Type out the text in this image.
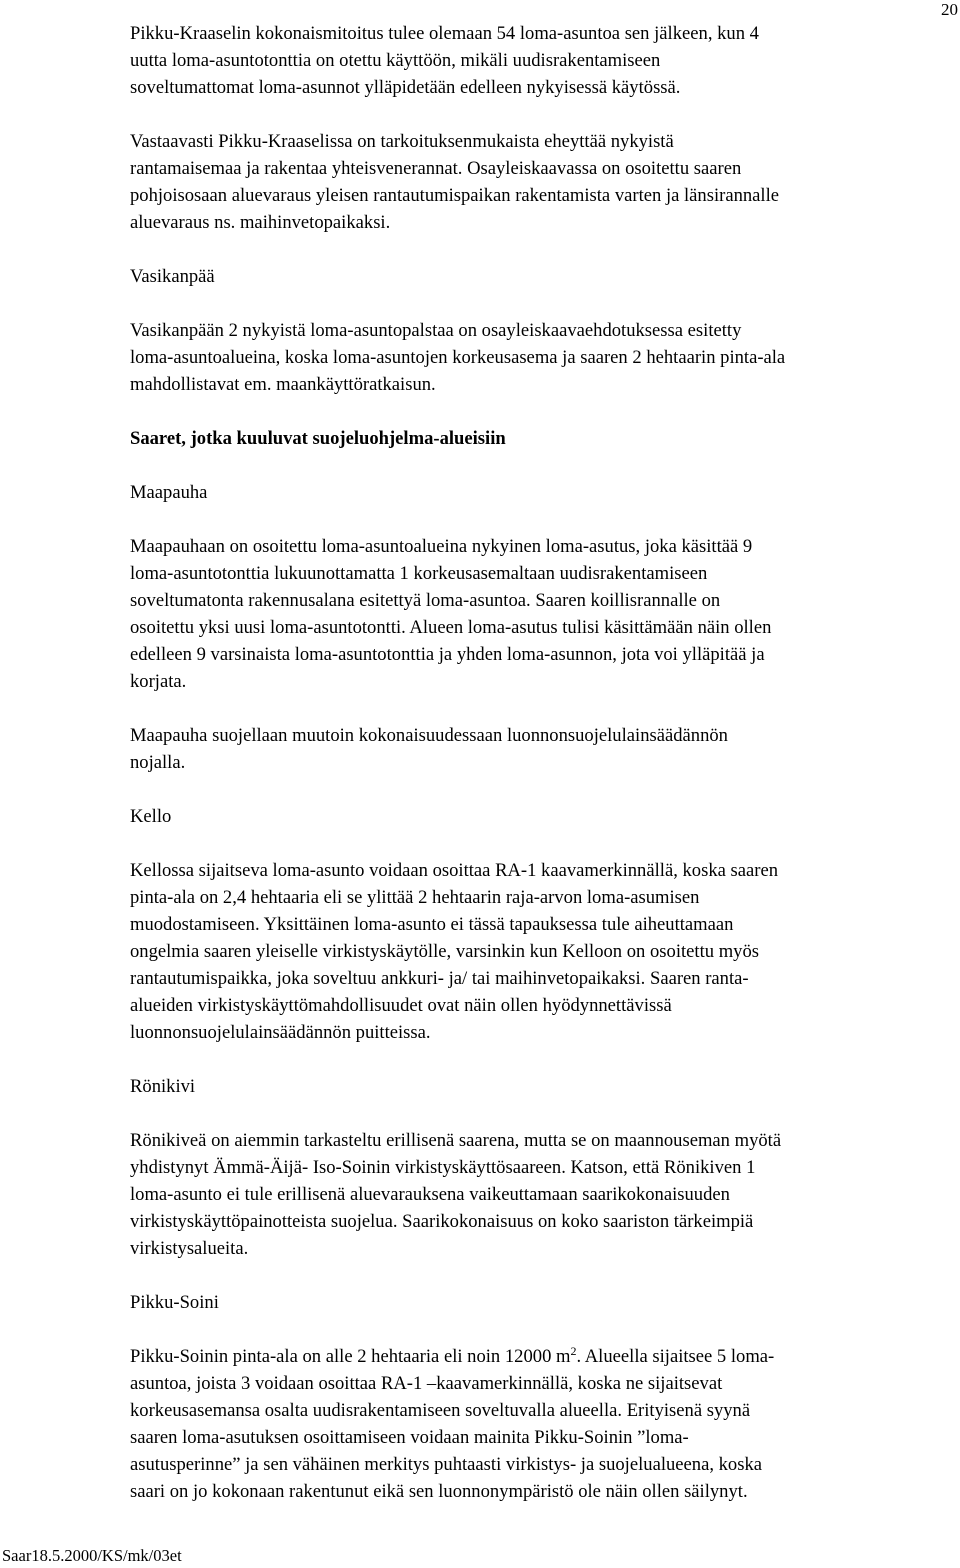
20

Pikku-Kraaselin kokonaismitoitus tulee olemaan 54 loma-asuntoa sen jälkeen, kun 4
uutta loma-asuntotonttia on otettu käyttöön, mikäli uudisrakentamiseen
soveltumattomat loma-asunnot ylläpidetään edelleen nykyisessä käytössä.

Vastaavasti Pikku-Kraaselissa on tarkoituksenmukaista eheyttää nykyistä
rantamaisemaa ja rakentaa yhteisvenerannat. Osayleiskaavassa on osoitettu saaren
pohjoisosaan aluevaraus yleisen rantautumispaikan rakentamista varten ja länsirannalle
aluevaraus ns. maihinvetopaikaksi.

Vasikanpää

Vasikanpään 2 nykyistä loma-asuntopalstaa on osayleiskaavaehdotuksessa esitetty
loma-asuntoalueina, koska loma-asuntojen korkeusasema ja saaren 2 hehtaarin pinta-ala
mahdollistavat em. maankäyttöratkaisun.

Saaret, jotka kuuluvat suojeluohjelma-alueisiin

Maapauha

Maapauhaan on osoitettu loma-asuntoalueina nykyinen loma-asutus, joka käsittää 9
loma-asuntotonttia lukuunottamatta 1 korkeusasemaltaan uudisrakentamiseen
soveltumatonta rakennusalana esitettyä loma-asuntoa. Saaren koillisrannalle on
osoitettu yksi uusi loma-asuntotontti. Alueen loma-asutus tulisi käsittämään näin ollen
edelleen 9 varsinaista loma-asuntotonttia ja yhden loma-asunnon, jota voi ylläpitää ja
korjata.

Maapauha suojellaan muutoin kokonaisuudessaan luonnonsuojelulainsäädännön
nojalla.

Kello

Kellossa sijaitseva loma-asunto voidaan osoittaa RA-1 kaavamerkinnällä, koska saaren
pinta-ala on 2,4 hehtaaria eli se ylittää 2 hehtaarin raja-arvon loma-asumisen
muodostamiseen. Yksittäinen loma-asunto ei tässä tapauksessa tule aiheuttamaan
ongelmia saaren yleiselle virkistyskäytölle, varsinkin kun Kelloon on osoitettu myös
rantautumispaikka, joka soveltuu ankkuri- ja/ tai maihinvetopaikaksi. Saaren ranta-
alueiden virkistyskäyttömahdollisuudet ovat näin ollen hyödynnettävissä
luonnonsuojelulainsäädännön puitteissa.

Rönikivi

Rönikiveä on aiemmin tarkasteltu erillisenä saarena, mutta se on maannouseman myötä
yhdistynyt Ämmä-Äijä- Iso-Soinin virkistyskäyttösaareen. Katson, että Rönikiven 1
loma-asunto ei tule erillisenä aluevarauksena vaikeuttamaan saarikokonaisuuden
virkistyskäyttöpainotteista suojelua. Saarikokonaisuus on koko saariston tärkeimpiä
virkistysalueita.

Pikku-Soini

Pikku-Soinin pinta-ala on alle 2 hehtaaria eli noin 12000 $m^2$. Alueella sijaitsee 5 loma-
asuntoa, joista 3 voidaan osoittaa RA-1 –kaavamerkinnällä, koska ne sijaitsevat
korkeusasemansa osalta uudisrakentamiseen soveltuvalla alueella. Erityisenä syynä
saaren loma-asutuksen osoittamiseen voidaan mainita Pikku-Soinin ”loma-
asutusperinne” ja sen vähäinen merkitys puhtaasti virkistys- ja suojelualueena, koska
saari on jo kokonaan rakentunut eikä sen luonnonympäristö ole näin ollen säilynyt.

Saar18.5.2000/KS/mk/03et
